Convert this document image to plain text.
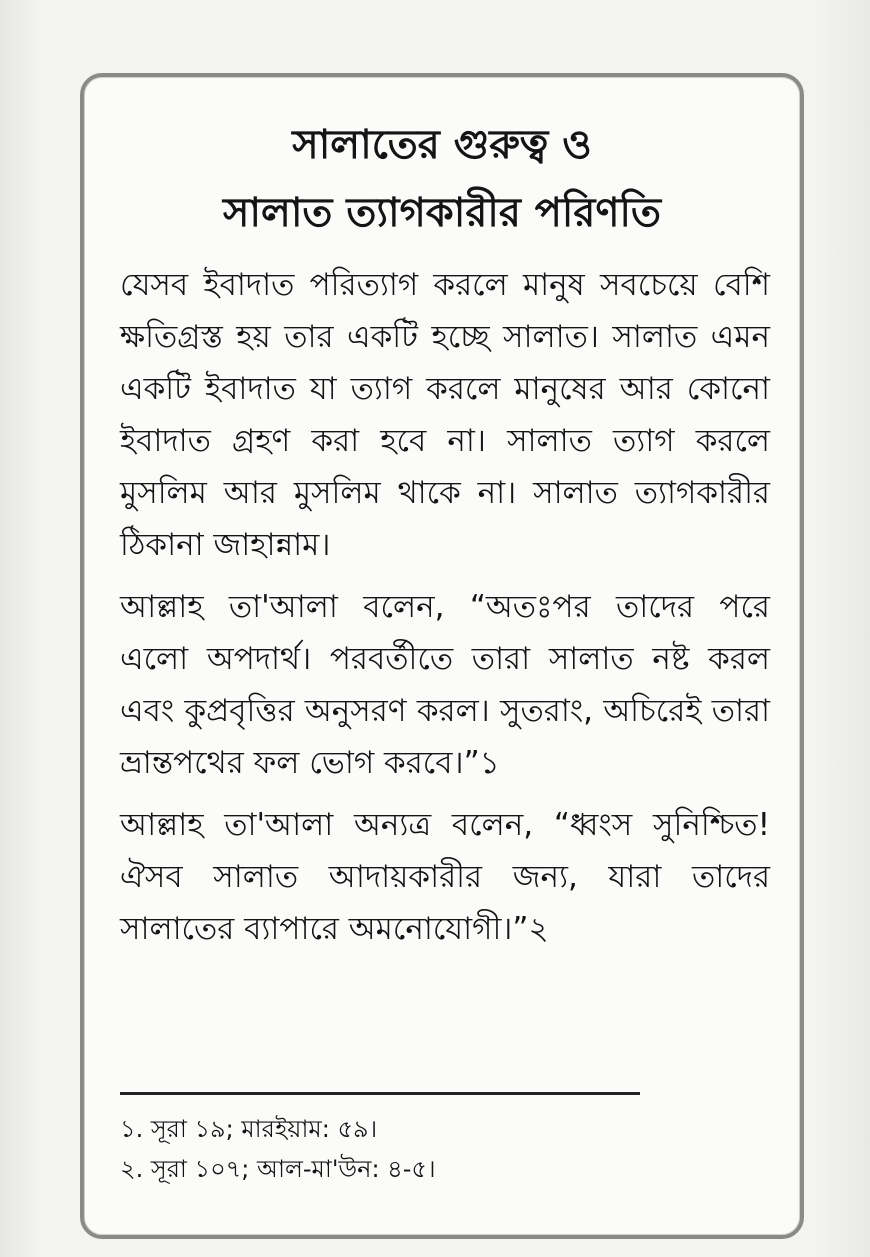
সালাতের গুরুত্ব ও
সালাত ত্যাগকারীর পরিণতি

যেসব ইবাদাত পরিত্যাগ করলে মানুষ সবচেয়ে বেশি ক্ষতিগ্রস্ত হয় তার একটি হচ্ছে সালাত। সালাত এমন একটি ইবাদাত যা ত্যাগ করলে মানুষের আর কোনো ইবাদাত গ্রহণ করা হবে না। সালাত ত্যাগ করলে মুসলিম আর মুসলিম থাকে না। সালাত ত্যাগকারীর ঠিকানা জাহান্নাম।

আল্লাহ তা'আলা বলেন, “অতঃপর তাদের পরে এলো অপদার্থ। পরবর্তীতে তারা সালাত নষ্ট করল এবং কুপ্রবৃত্তির অনুসরণ করল। সুতরাং, অচিরেই তারা ভ্রান্তপথের ফল ভোগ করবে।”১

আল্লাহ তা'আলা অন্যত্র বলেন, “ধ্বংস সুনিশ্চিত! ঐসব সালাত আদায়কারীর জন্য, যারা তাদের সালাতের ব্যাপারে অমনোযোগী।”২

১. সূরা ১৯; মারইয়াম: ৫৯।
২. সূরা ১০৭; আল-মা'উন: ৪-৫।
